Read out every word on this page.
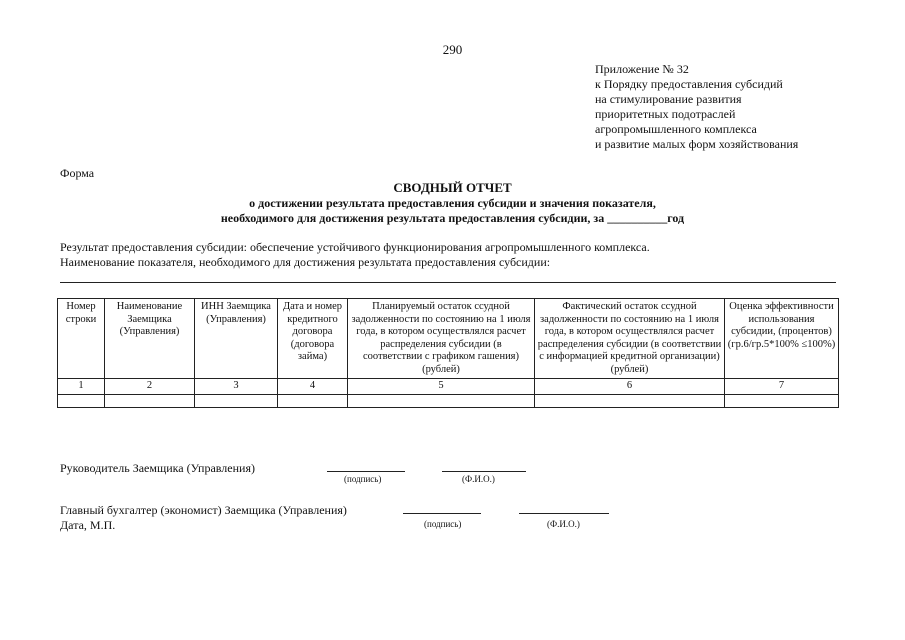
290
Приложение № 32
к Порядку предоставления субсидий
на стимулирование развития
приоритетных подотраслей
агропромышленного комплекса
и развитие малых форм хозяйствования
Форма
СВОДНЫЙ ОТЧЕТ
о достижении результата предоставления субсидии и значения показателя,
необходимого для достижения результата предоставления субсидии, за __________год
Результат предоставления субсидии: обеспечение устойчивого функционирования агропромышленного комплекса.
Наименование показателя, необходимого для достижения результата предоставления субсидии:
Номер строки	Наименование Заемщика (Управления)	ИНН Заемщика (Управления)	Дата и номер кредитного договора (договора займа)	Планируемый остаток ссудной задолженности по состоянию на 1 июля года, в котором осуществлялся расчет распределения субсидии (в соответствии с графиком гашения) (рублей)	Фактический остаток ссудной задолженности по состоянию на 1 июля года, в котором осуществлялся расчет распределения субсидии (в соответствии с информацией кредитной организации) (рублей)	Оценка эффективности использования субсидии, (процентов) (гр.6/гр.5*100% ≤100%)
1	2	3	4	5	6	7

Руководитель Заемщика (Управления)
(подпись)	(Ф.И.О.)
Главный бухгалтер (экономист) Заемщика (Управления)
Дата, М.П.	(подпись)	(Ф.И.О.)
